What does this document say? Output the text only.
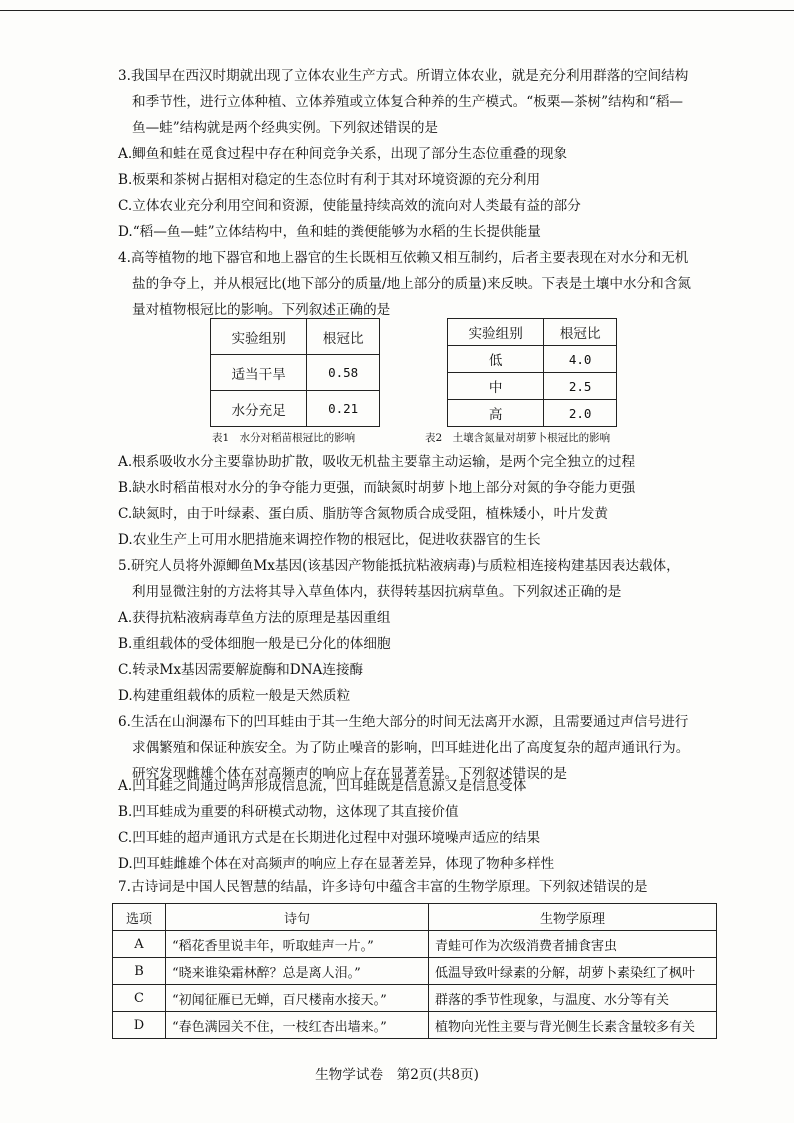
3.我国早在西汉时期就出现了立体农业生产方式。所谓立体农业，就是充分利用群落的空间结构和季节性，进行立体种植、立体养殖或立体复合种养的生产模式。“板栗—茶树”结构和“稻—鱼—蛙”结构就是两个经典实例。下列叙述错误的是
A.鲫鱼和蛙在觅食过程中存在种间竞争关系，出现了部分生态位重叠的现象
B.板栗和茶树占据相对稳定的生态位时有利于其对环境资源的充分利用
C.立体农业充分利用空间和资源，使能量持续高效的流向对人类最有益的部分
D.“稻—鱼—蛙”立体结构中，鱼和蛙的粪便能够为水稻的生长提供能量
4.高等植物的地下器官和地上器官的生长既相互依赖又相互制约，后者主要表现在对水分和无机盐的争夺上，并从根冠比(地下部分的质量/地上部分的质量)来反映。下表是土壤中水分和含氮量对植物根冠比的影响。下列叙述正确的是
实验组别	根冠比
适当干旱	0.58
水分充足	0.21
表1　水分对稻苗根冠比的影响
实验组别	根冠比
低	4.0
中	2.5
高	2.0
表2　土壤含氮量对胡萝卜根冠比的影响
A.根系吸收水分主要靠协助扩散，吸收无机盐主要靠主动运输，是两个完全独立的过程
B.缺水时稻苗根对水分的争夺能力更强，而缺氮时胡萝卜地上部分对氮的争夺能力更强
C.缺氮时，由于叶绿素、蛋白质、脂肪等含氮物质合成受阻，植株矮小，叶片发黄
D.农业生产上可用水肥措施来调控作物的根冠比，促进收获器官的生长
5.研究人员将外源鲫鱼Mx基因(该基因产物能抵抗粘液病毒)与质粒相连接构建基因表达载体，利用显微注射的方法将其导入草鱼体内，获得转基因抗病草鱼。下列叙述正确的是
A.获得抗粘液病毒草鱼方法的原理是基因重组
B.重组载体的受体细胞一般是已分化的体细胞
C.转录Mx基因需要解旋酶和DNA连接酶
D.构建重组载体的质粒一般是天然质粒
6.生活在山涧瀑布下的凹耳蛙由于其一生绝大部分的时间无法离开水源，且需要通过声信号进行求偶繁殖和保证种族安全。为了防止噪音的影响，凹耳蛙进化出了高度复杂的超声通讯行为。研究发现雌雄个体在对高频声的响应上存在显著差异。下列叙述错误的是
A.凹耳蛙之间通过鸣声形成信息流，凹耳蛙既是信息源又是信息受体
B.凹耳蛙成为重要的科研模式动物，这体现了其直接价值
C.凹耳蛙的超声通讯方式是在长期进化过程中对强环境噪声适应的结果
D.凹耳蛙雌雄个体在对高频声的响应上存在显著差异，体现了物种多样性
7.古诗词是中国人民智慧的结晶，许多诗句中蕴含丰富的生物学原理。下列叙述错误的是
选项	诗句	生物学原理
A	“稻花香里说丰年，听取蛙声一片。”	青蛙可作为次级消费者捕食害虫
B	“晓来谁染霜林醉？总是离人泪。”	低温导致叶绿素的分解，胡萝卜素染红了枫叶
C	“初闻征雁已无蝉，百尺楼南水接天。”	群落的季节性现象，与温度、水分等有关
D	“春色满园关不住，一枝红杏出墙来。”	植物向光性主要与背光侧生长素含量较多有关
生物学试卷　第2页(共8页)
